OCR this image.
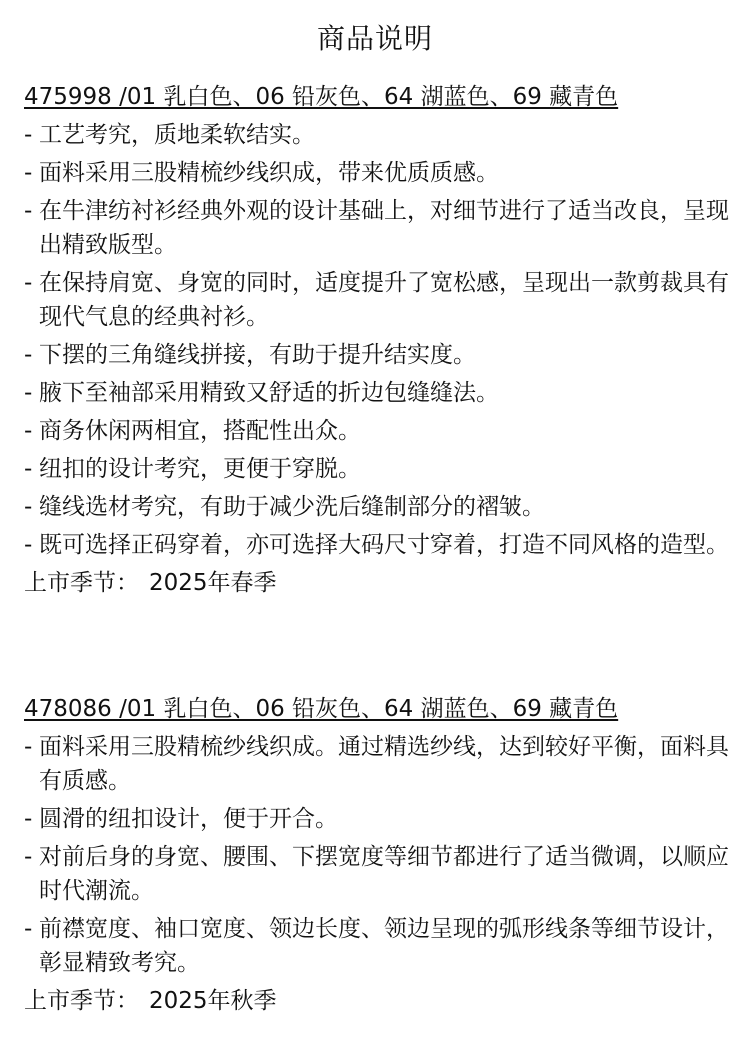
商品说明
475998 /01 乳白色、06 铅灰色、64 湖蓝色、69 藏青色
- 工艺考究，质地柔软结实。
- 面料采用三股精梳纱线织成，带来优质质感。
- 在牛津纺衬衫经典外观的设计基础上，对细节进行了适当改良，呈现出精致版型。
- 在保持肩宽、身宽的同时，适度提升了宽松感，呈现出一款剪裁具有现代气息的经典衬衫。
- 下摆的三角缝线拼接，有助于提升结实度。
- 腋下至袖部采用精致又舒适的折边包缝缝法。
- 商务休闲两相宜，搭配性出众。
- 纽扣的设计考究，更便于穿脱。
- 缝线选材考究，有助于减少洗后缝制部分的褶皱。
- 既可选择正码穿着，亦可选择大码尺寸穿着，打造不同风格的造型。
上市季节： 2025年春季
478086 /01 乳白色、06 铅灰色、64 湖蓝色、69 藏青色
- 面料采用三股精梳纱线织成。通过精选纱线，达到较好平衡，面料具有质感。
- 圆滑的纽扣设计，便于开合。
- 对前后身的身宽、腰围、下摆宽度等细节都进行了适当微调，以顺应时代潮流。
- 前襟宽度、袖口宽度、领边长度、领边呈现的弧形线条等细节设计，彰显精致考究。
上市季节： 2025年秋季
